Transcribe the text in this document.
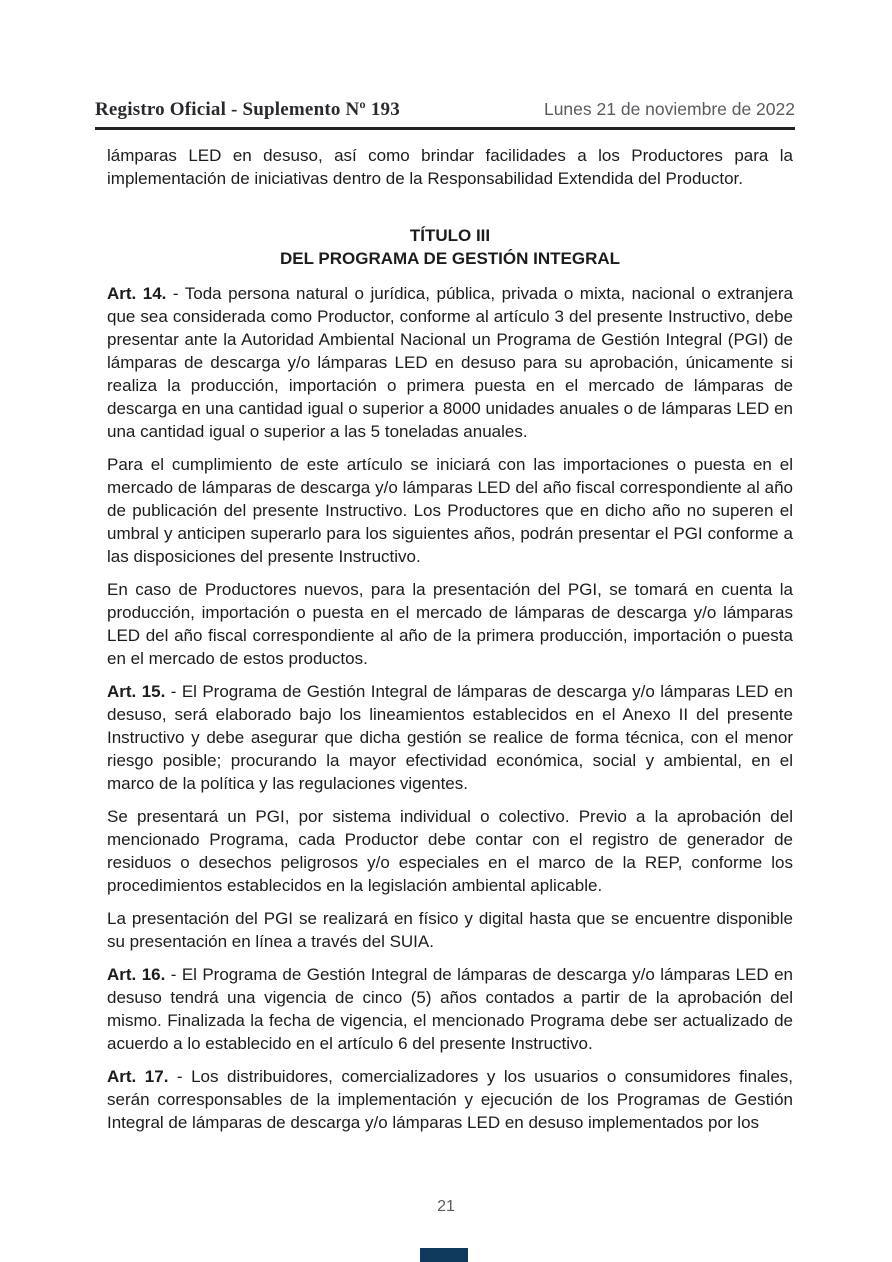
Registro Oficial - Suplemento Nº 193	Lunes 21 de noviembre de 2022

lámparas LED en desuso, así como brindar facilidades a los Productores para la implementación de iniciativas dentro de la Responsabilidad Extendida del Productor.

TÍTULO III
DEL PROGRAMA DE GESTIÓN INTEGRAL

Art. 14. - Toda persona natural o jurídica, pública, privada o mixta, nacional o extranjera que sea considerada como Productor, conforme al artículo 3 del presente Instructivo, debe presentar ante la Autoridad Ambiental Nacional un Programa de Gestión Integral (PGI) de lámparas de descarga y/o lámparas LED en desuso para su aprobación, únicamente si realiza la producción, importación o primera puesta en el mercado de lámparas de descarga en una cantidad igual o superior a 8000 unidades anuales o de lámparas LED en una cantidad igual o superior a las 5 toneladas anuales.

Para el cumplimiento de este artículo se iniciará con las importaciones o puesta en el mercado de lámparas de descarga y/o lámparas LED del año fiscal correspondiente al año de publicación del presente Instructivo. Los Productores que en dicho año no superen el umbral y anticipen superarlo para los siguientes años, podrán presentar el PGI conforme a las disposiciones del presente Instructivo.

En caso de Productores nuevos, para la presentación del PGI, se tomará en cuenta la producción, importación o puesta en el mercado de lámparas de descarga y/o lámparas LED del año fiscal correspondiente al año de la primera producción, importación o puesta en el mercado de estos productos.

Art. 15. - El Programa de Gestión Integral de lámparas de descarga y/o lámparas LED en desuso, será elaborado bajo los lineamientos establecidos en el Anexo II del presente Instructivo y debe asegurar que dicha gestión se realice de forma técnica, con el menor riesgo posible; procurando la mayor efectividad económica, social y ambiental, en el marco de la política y las regulaciones vigentes.

Se presentará un PGI, por sistema individual o colectivo. Previo a la aprobación del mencionado Programa, cada Productor debe contar con el registro de generador de residuos o desechos peligrosos y/o especiales en el marco de la REP, conforme los procedimientos establecidos en la legislación ambiental aplicable.

La presentación del PGI se realizará en físico y digital hasta que se encuentre disponible su presentación en línea a través del SUIA.

Art. 16. - El Programa de Gestión Integral de lámparas de descarga y/o lámparas LED en desuso tendrá una vigencia de cinco (5) años contados a partir de la aprobación del mismo. Finalizada la fecha de vigencia, el mencionado Programa debe ser actualizado de acuerdo a lo establecido en el artículo 6 del presente Instructivo.

Art. 17. - Los distribuidores, comercializadores y los usuarios o consumidores finales, serán corresponsables de la implementación y ejecución de los Programas de Gestión Integral de lámparas de descarga y/o lámparas LED en desuso implementados por los

21
